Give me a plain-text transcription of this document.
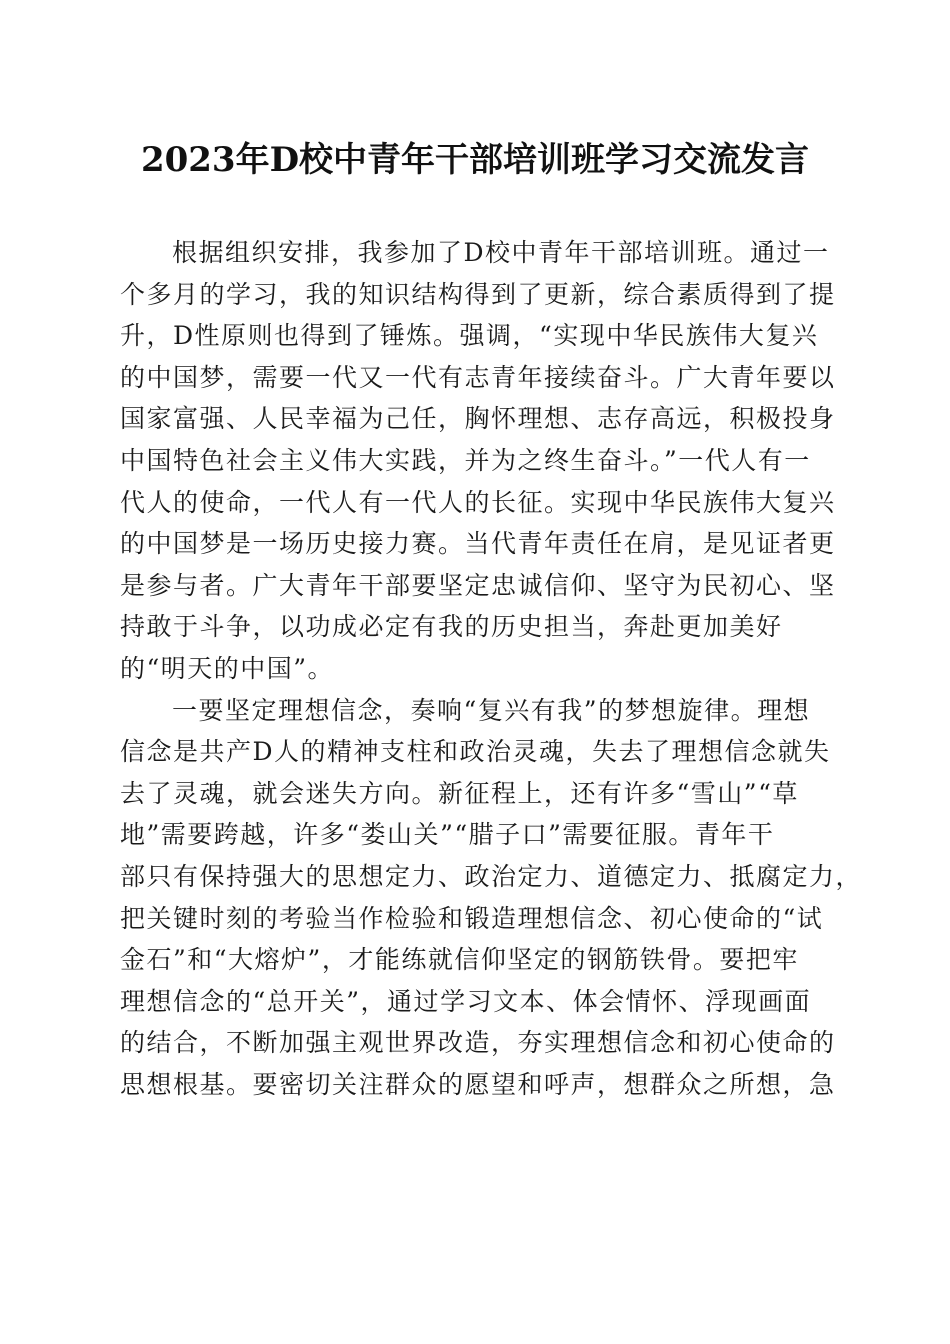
2023年D校中青年干部培训班学习交流发言
根据组织安排，我参加了D校中青年干部培训班。通过一
个多月的学习，我的知识结构得到了更新，综合素质得到了提
升，D性原则也得到了锤炼。强调，“实现中华民族伟大复兴
的中国梦，需要一代又一代有志青年接续奋斗。广大青年要以
国家富强、人民幸福为己任，胸怀理想、志存高远，积极投身
中国特色社会主义伟大实践，并为之终生奋斗。”一代人有一
代人的使命，一代人有一代人的长征。实现中华民族伟大复兴
的中国梦是一场历史接力赛。当代青年责任在肩，是见证者更
是参与者。广大青年干部要坚定忠诚信仰、坚守为民初心、坚
持敢于斗争，以功成必定有我的历史担当，奔赴更加美好
的“明天的中国”。
一要坚定理想信念，奏响“复兴有我”的梦想旋律。理想
信念是共产D人的精神支柱和政治灵魂，失去了理想信念就失
去了灵魂，就会迷失方向。新征程上，还有许多“雪山”“草
地”需要跨越，许多“娄山关”“腊子口”需要征服。青年干
部只有保持强大的思想定力、政治定力、道德定力、抵腐定力，
把关键时刻的考验当作检验和锻造理想信念、初心使命的“试
金石”和“大熔炉”，才能练就信仰坚定的钢筋铁骨。要把牢
理想信念的“总开关”，通过学习文本、体会情怀、浮现画面
的结合，不断加强主观世界改造，夯实理想信念和初心使命的
思想根基。要密切关注群众的愿望和呼声，想群众之所想，急
